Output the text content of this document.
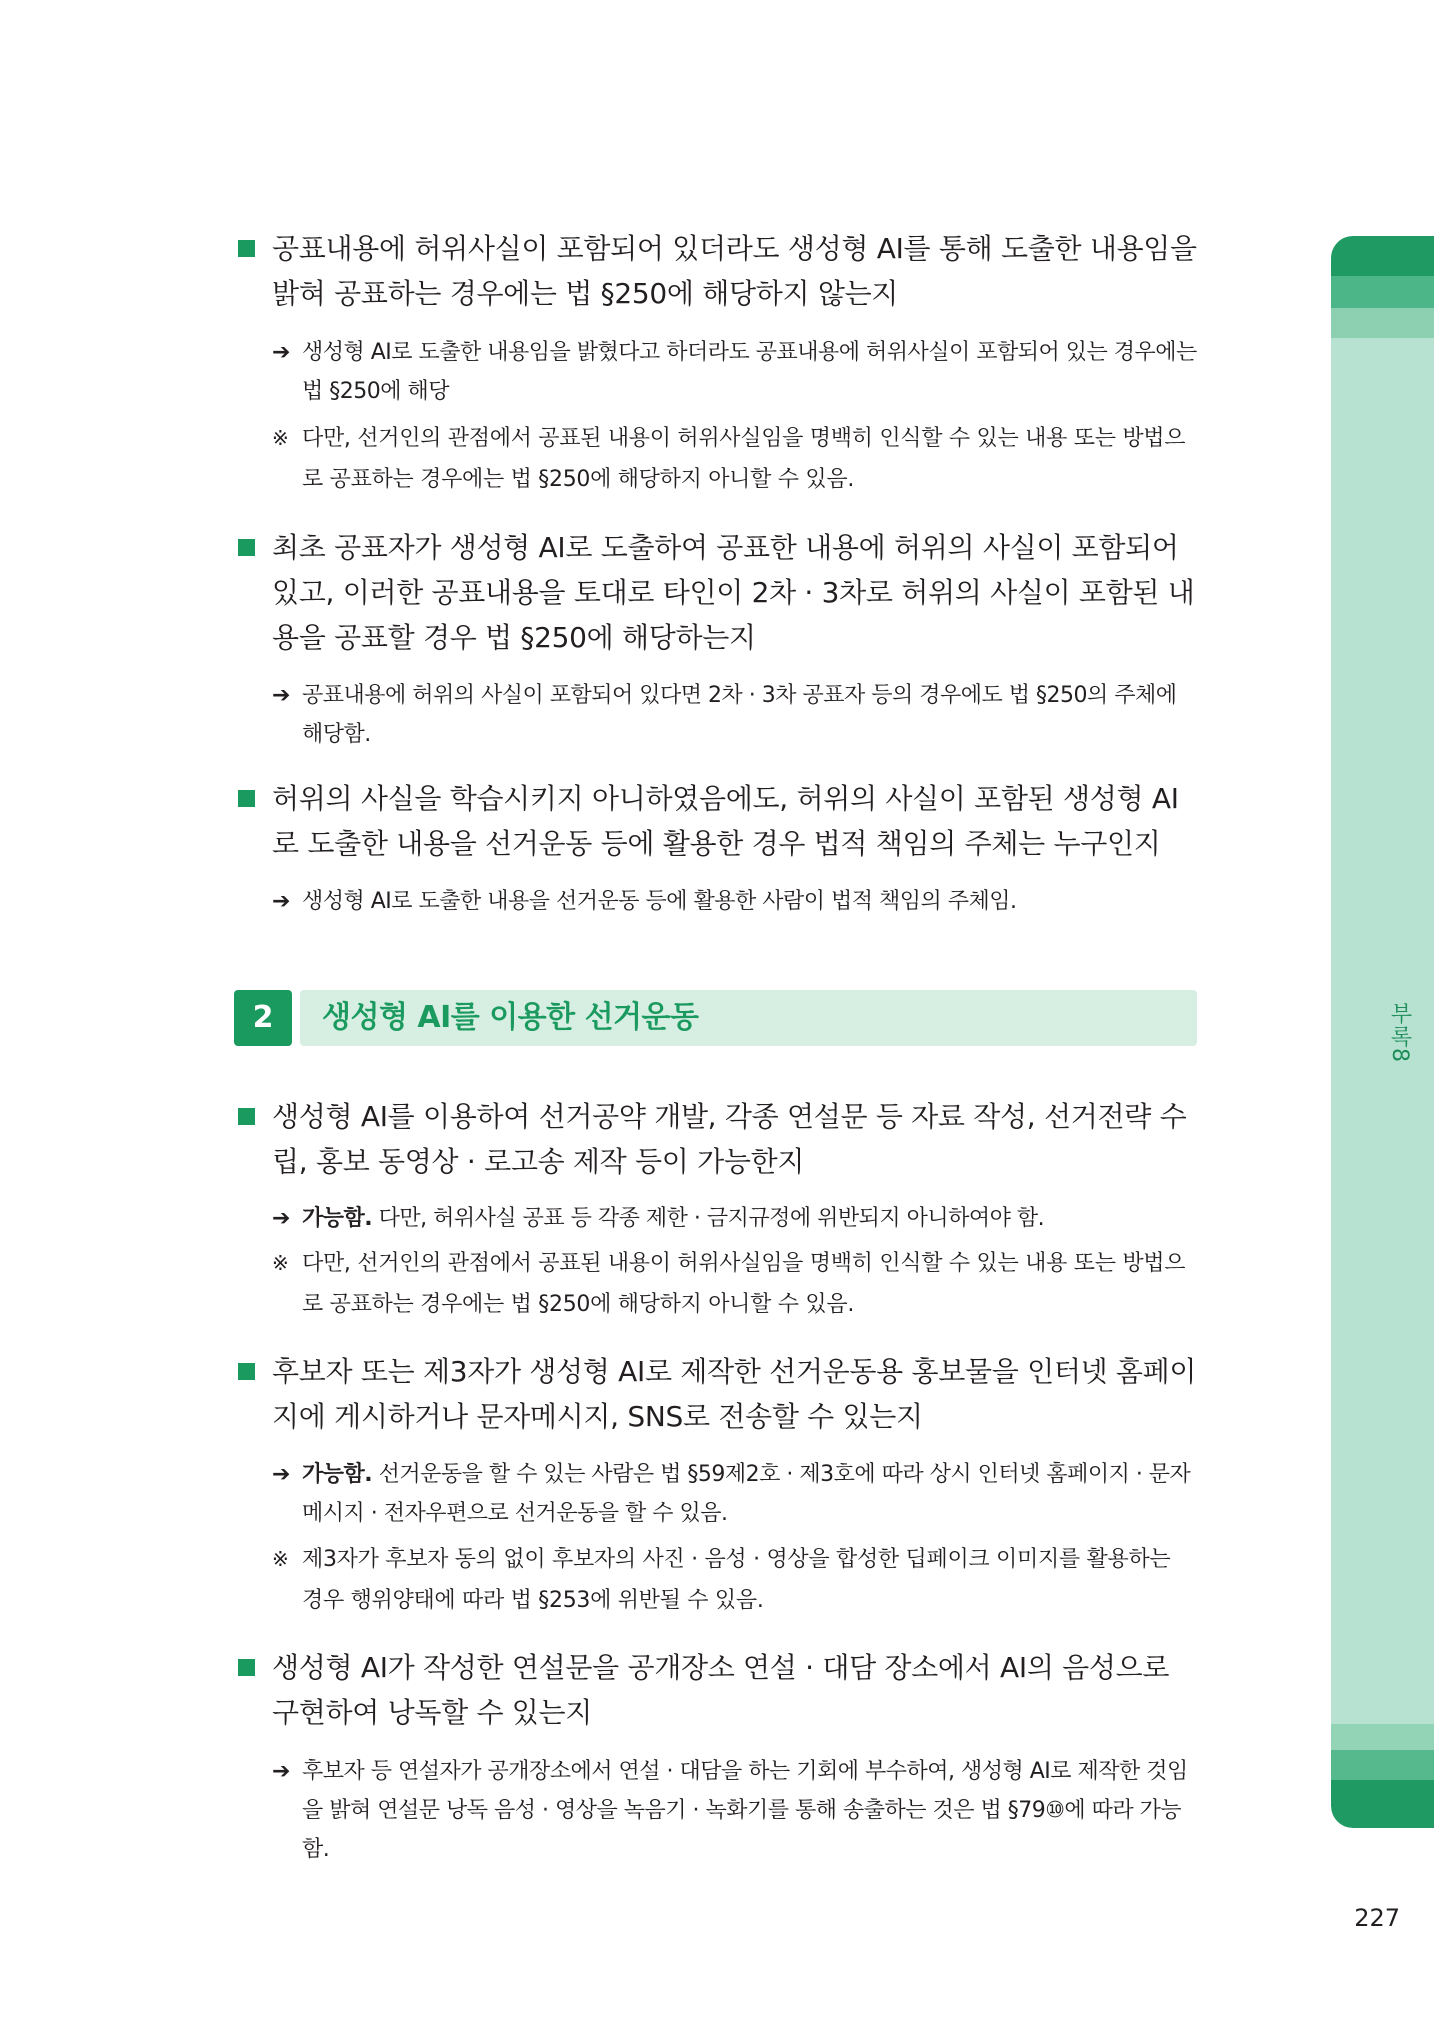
부록8
공표내용에 허위사실이 포함되어 있더라도 생성형 AI를 통해 도출한 내용임을 밝혀 공표하는 경우에는 법 §250에 해당하지 않는지
➔ 생성형 AI로 도출한 내용임을 밝혔다고 하더라도 공표내용에 허위사실이 포함되어 있는 경우에는 법 §250에 해당
※ 다만, 선거인의 관점에서 공표된 내용이 허위사실임을 명백히 인식할 수 있는 내용 또는 방법으로 공표하는 경우에는 법 §250에 해당하지 아니할 수 있음.
최초 공표자가 생성형 AI로 도출하여 공표한 내용에 허위의 사실이 포함되어 있고, 이러한 공표내용을 토대로 타인이 2차 · 3차로 허위의 사실이 포함된 내용을 공표할 경우 법 §250에 해당하는지
➔ 공표내용에 허위의 사실이 포함되어 있다면 2차 · 3차 공표자 등의 경우에도 법 §250의 주체에 해당함.
허위의 사실을 학습시키지 아니하였음에도, 허위의 사실이 포함된 생성형 AI로 도출한 내용을 선거운동 등에 활용한 경우 법적 책임의 주체는 누구인지
➔ 생성형 AI로 도출한 내용을 선거운동 등에 활용한 사람이 법적 책임의 주체임.
2	생성형 AI를 이용한 선거운동
생성형 AI를 이용하여 선거공약 개발, 각종 연설문 등 자료 작성, 선거전략 수립, 홍보 동영상 · 로고송 제작 등이 가능한지
➔ 가능함. 다만, 허위사실 공표 등 각종 제한 · 금지규정에 위반되지 아니하여야 함.
※ 다만, 선거인의 관점에서 공표된 내용이 허위사실임을 명백히 인식할 수 있는 내용 또는 방법으로 공표하는 경우에는 법 §250에 해당하지 아니할 수 있음.
후보자 또는 제3자가 생성형 AI로 제작한 선거운동용 홍보물을 인터넷 홈페이지에 게시하거나 문자메시지, SNS로 전송할 수 있는지
➔ 가능함. 선거운동을 할 수 있는 사람은 법 §59제2호 · 제3호에 따라 상시 인터넷 홈페이지 · 문자메시지 · 전자우편으로 선거운동을 할 수 있음.
※ 제3자가 후보자 동의 없이 후보자의 사진 · 음성 · 영상을 합성한 딥페이크 이미지를 활용하는 경우 행위양태에 따라 법 §253에 위반될 수 있음.
생성형 AI가 작성한 연설문을 공개장소 연설 · 대담 장소에서 AI의 음성으로 구현하여 낭독할 수 있는지
➔ 후보자 등 연설자가 공개장소에서 연설 · 대담을 하는 기회에 부수하여, 생성형 AI로 제작한 것임을 밝혀 연설문 낭독 음성 · 영상을 녹음기 · 녹화기를 통해 송출하는 것은 법 §79⑩에 따라 가능함.
227
